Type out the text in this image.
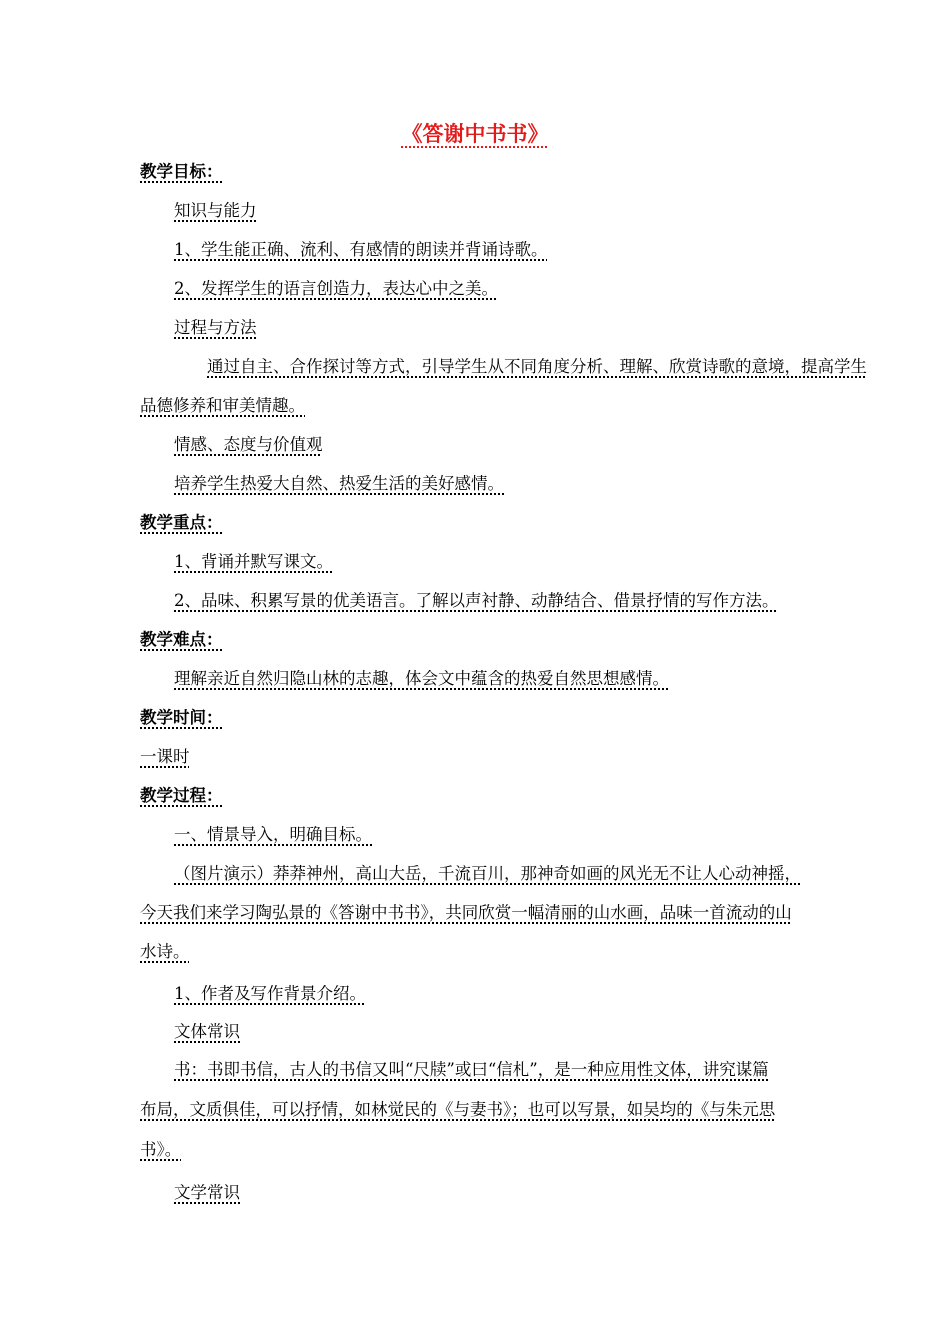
《答谢中书书》
教学目标：
知识与能力
1、学生能正确、流利、有感情的朗读并背诵诗歌。
2、发挥学生的语言创造力，表达心中之美。
过程与方法
通过自主、合作探讨等方式，引导学生从不同角度分析、理解、欣赏诗歌的意境，提高学生
品德修养和审美情趣。
情感、态度与价值观
培养学生热爱大自然、热爱生活的美好感情。
教学重点：
1、背诵并默写课文。
2、品味、积累写景的优美语言。了解以声衬静、动静结合、借景抒情的写作方法。
教学难点：
理解亲近自然归隐山林的志趣，体会文中蕴含的热爱自然思想感情。
教学时间：
一课时
教学过程：
一、情景导入，明确目标。
（图片演示）莽莽神州，高山大岳，千流百川，那神奇如画的风光无不让人心动神摇，
今天我们来学习陶弘景的《答谢中书书》，共同欣赏一幅清丽的山水画，品味一首流动的山
水诗。
1、作者及写作背景介绍。
文体常识
书：书即书信，古人的书信又叫“尺牍”或曰“信札”，是一种应用性文体，讲究谋篇
布局，文质俱佳，可以抒情，如林觉民的《与妻书》；也可以写景，如吴均的《与朱元思
书》。
文学常识
